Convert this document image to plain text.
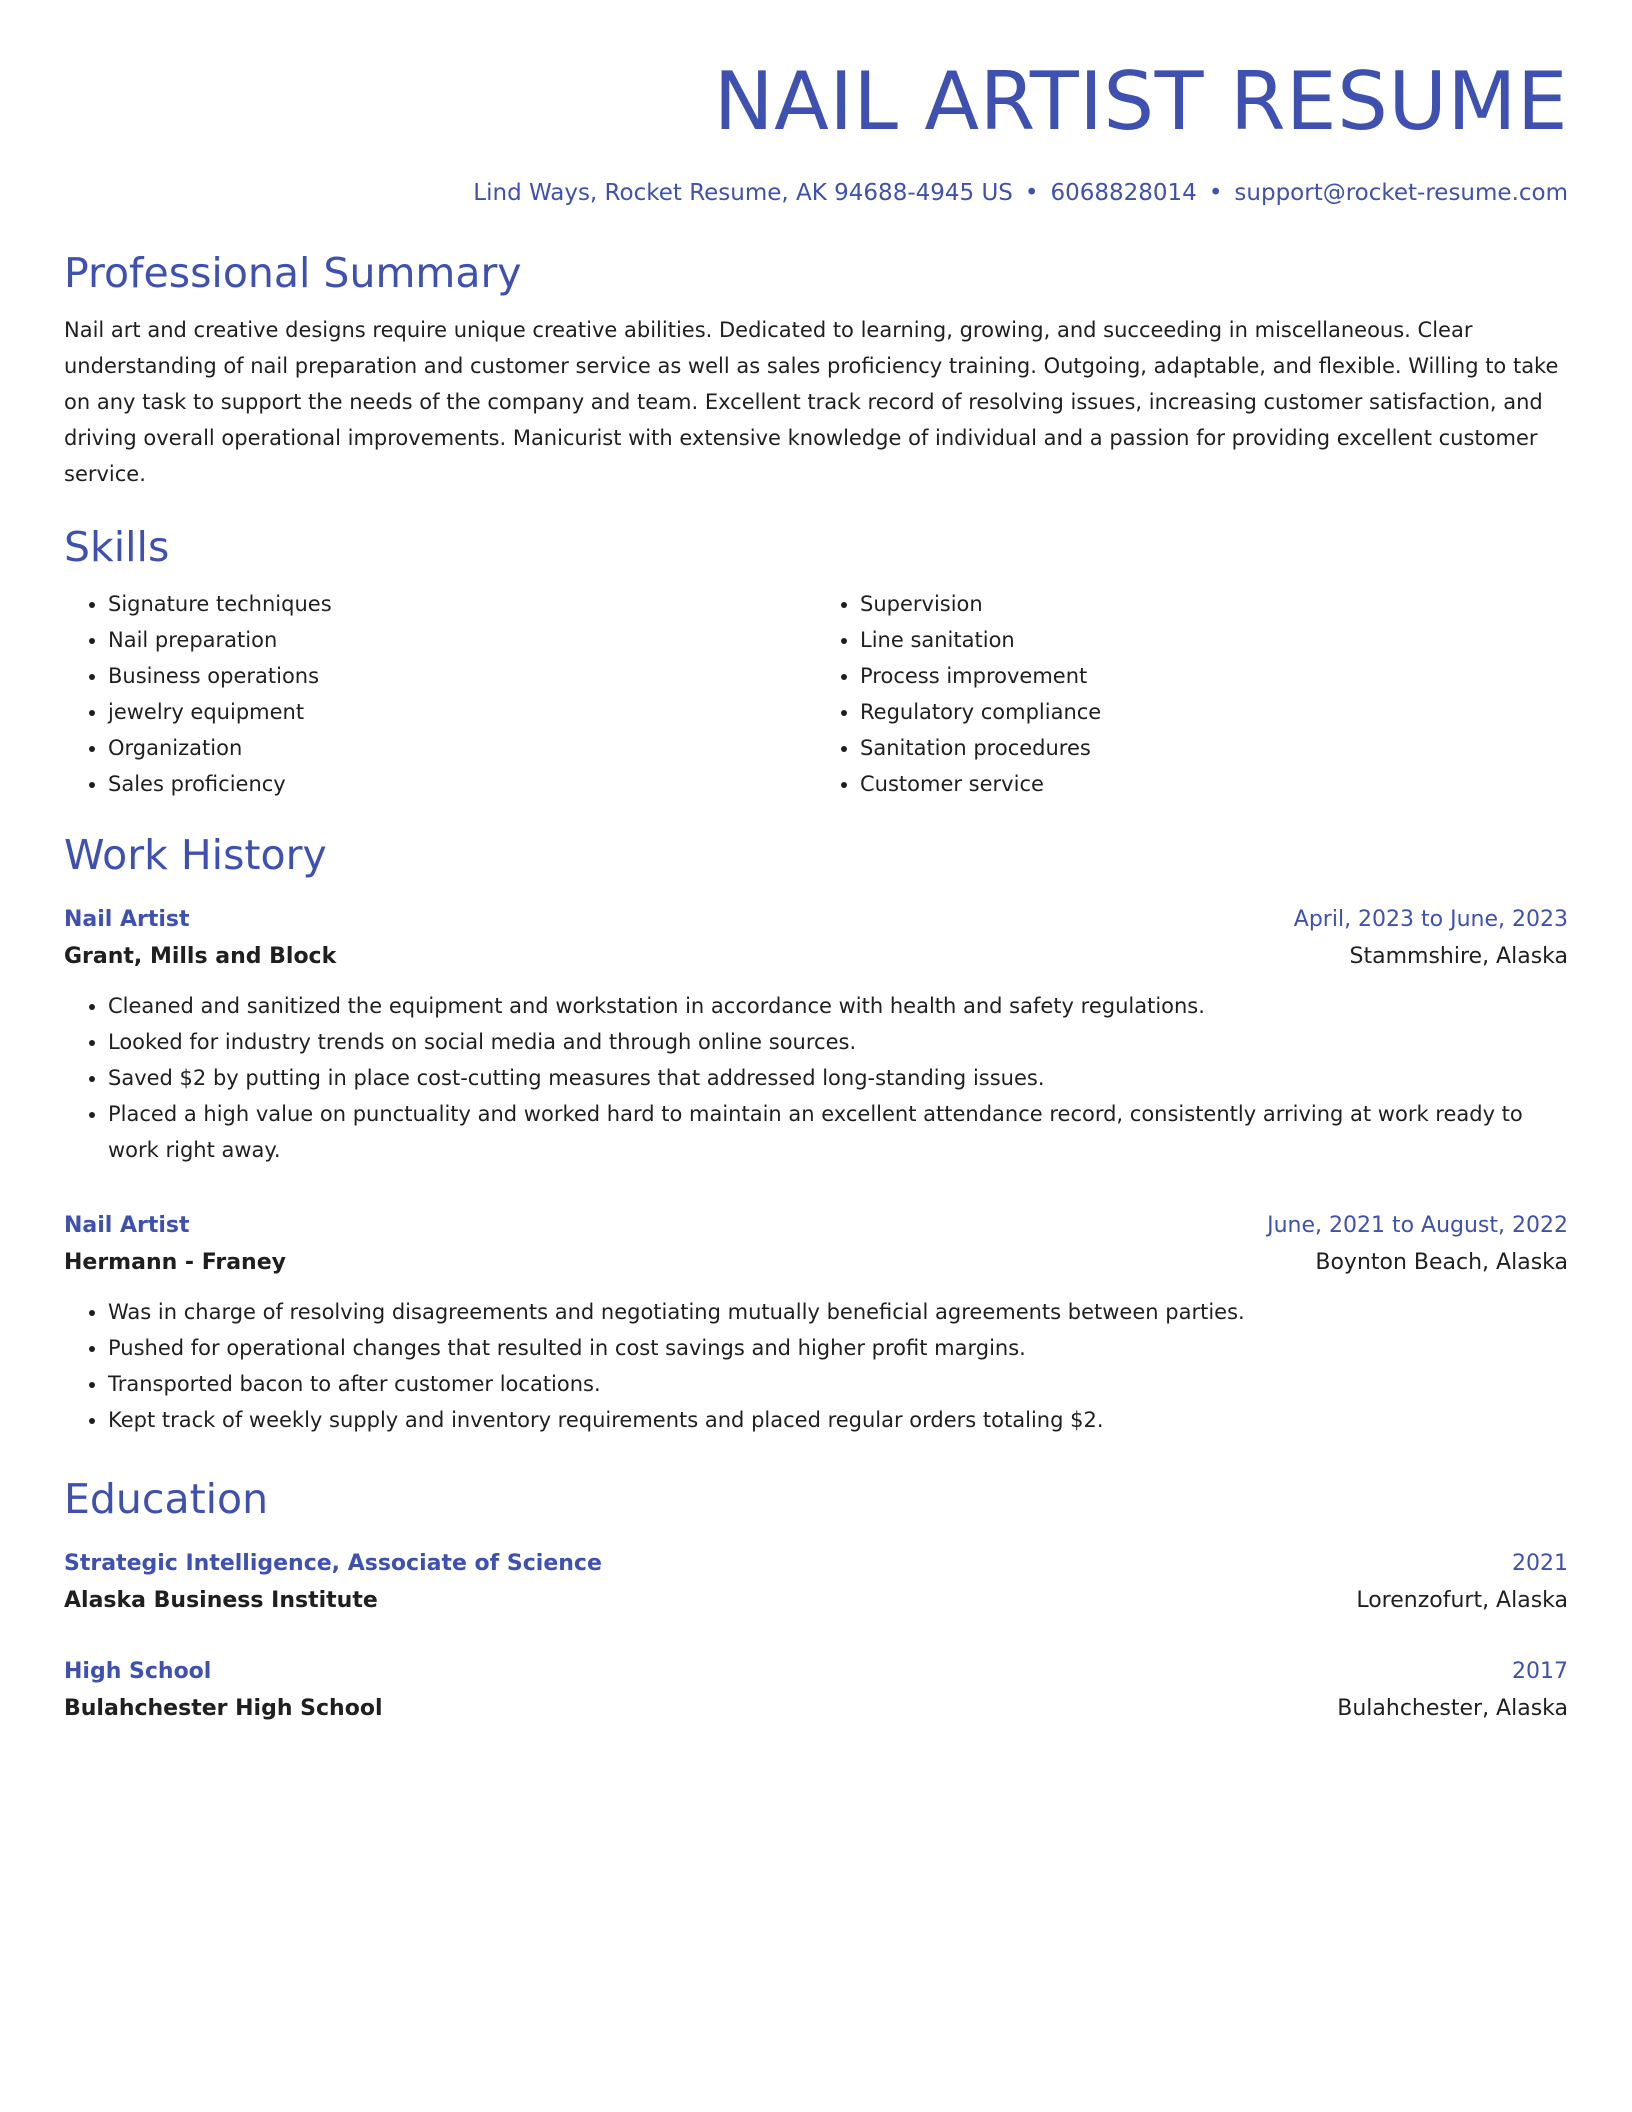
NAIL ARTIST RESUME
Lind Ways, Rocket Resume, AK 94688-4945 US • 6068828014 • support@rocket-resume.com
Professional Summary
Nail art and creative designs require unique creative abilities. Dedicated to learning, growing, and succeeding in miscellaneous. Clear understanding of nail preparation and customer service as well as sales proficiency training. Outgoing, adaptable, and flexible. Willing to take on any task to support the needs of the company and team. Excellent track record of resolving issues, increasing customer satisfaction, and driving overall operational improvements. Manicurist with extensive knowledge of individual and a passion for providing excellent customer service.
Skills
• Signature techniques
• Nail preparation
• Business operations
• jewelry equipment
• Organization
• Sales proficiency
• Supervision
• Line sanitation
• Process improvement
• Regulatory compliance
• Sanitation procedures
• Customer service
Work History
Nail Artist	April, 2023 to June, 2023
Grant, Mills and Block	Stammshire, Alaska
• Cleaned and sanitized the equipment and workstation in accordance with health and safety regulations.
• Looked for industry trends on social media and through online sources.
• Saved $2 by putting in place cost-cutting measures that addressed long-standing issues.
• Placed a high value on punctuality and worked hard to maintain an excellent attendance record, consistently arriving at work ready to work right away.
Nail Artist	June, 2021 to August, 2022
Hermann - Franey	Boynton Beach, Alaska
• Was in charge of resolving disagreements and negotiating mutually beneficial agreements between parties.
• Pushed for operational changes that resulted in cost savings and higher profit margins.
• Transported bacon to after customer locations.
• Kept track of weekly supply and inventory requirements and placed regular orders totaling $2.
Education
Strategic Intelligence, Associate of Science	2021
Alaska Business Institute	Lorenzofurt, Alaska
High School	2017
Bulahchester High School	Bulahchester, Alaska
